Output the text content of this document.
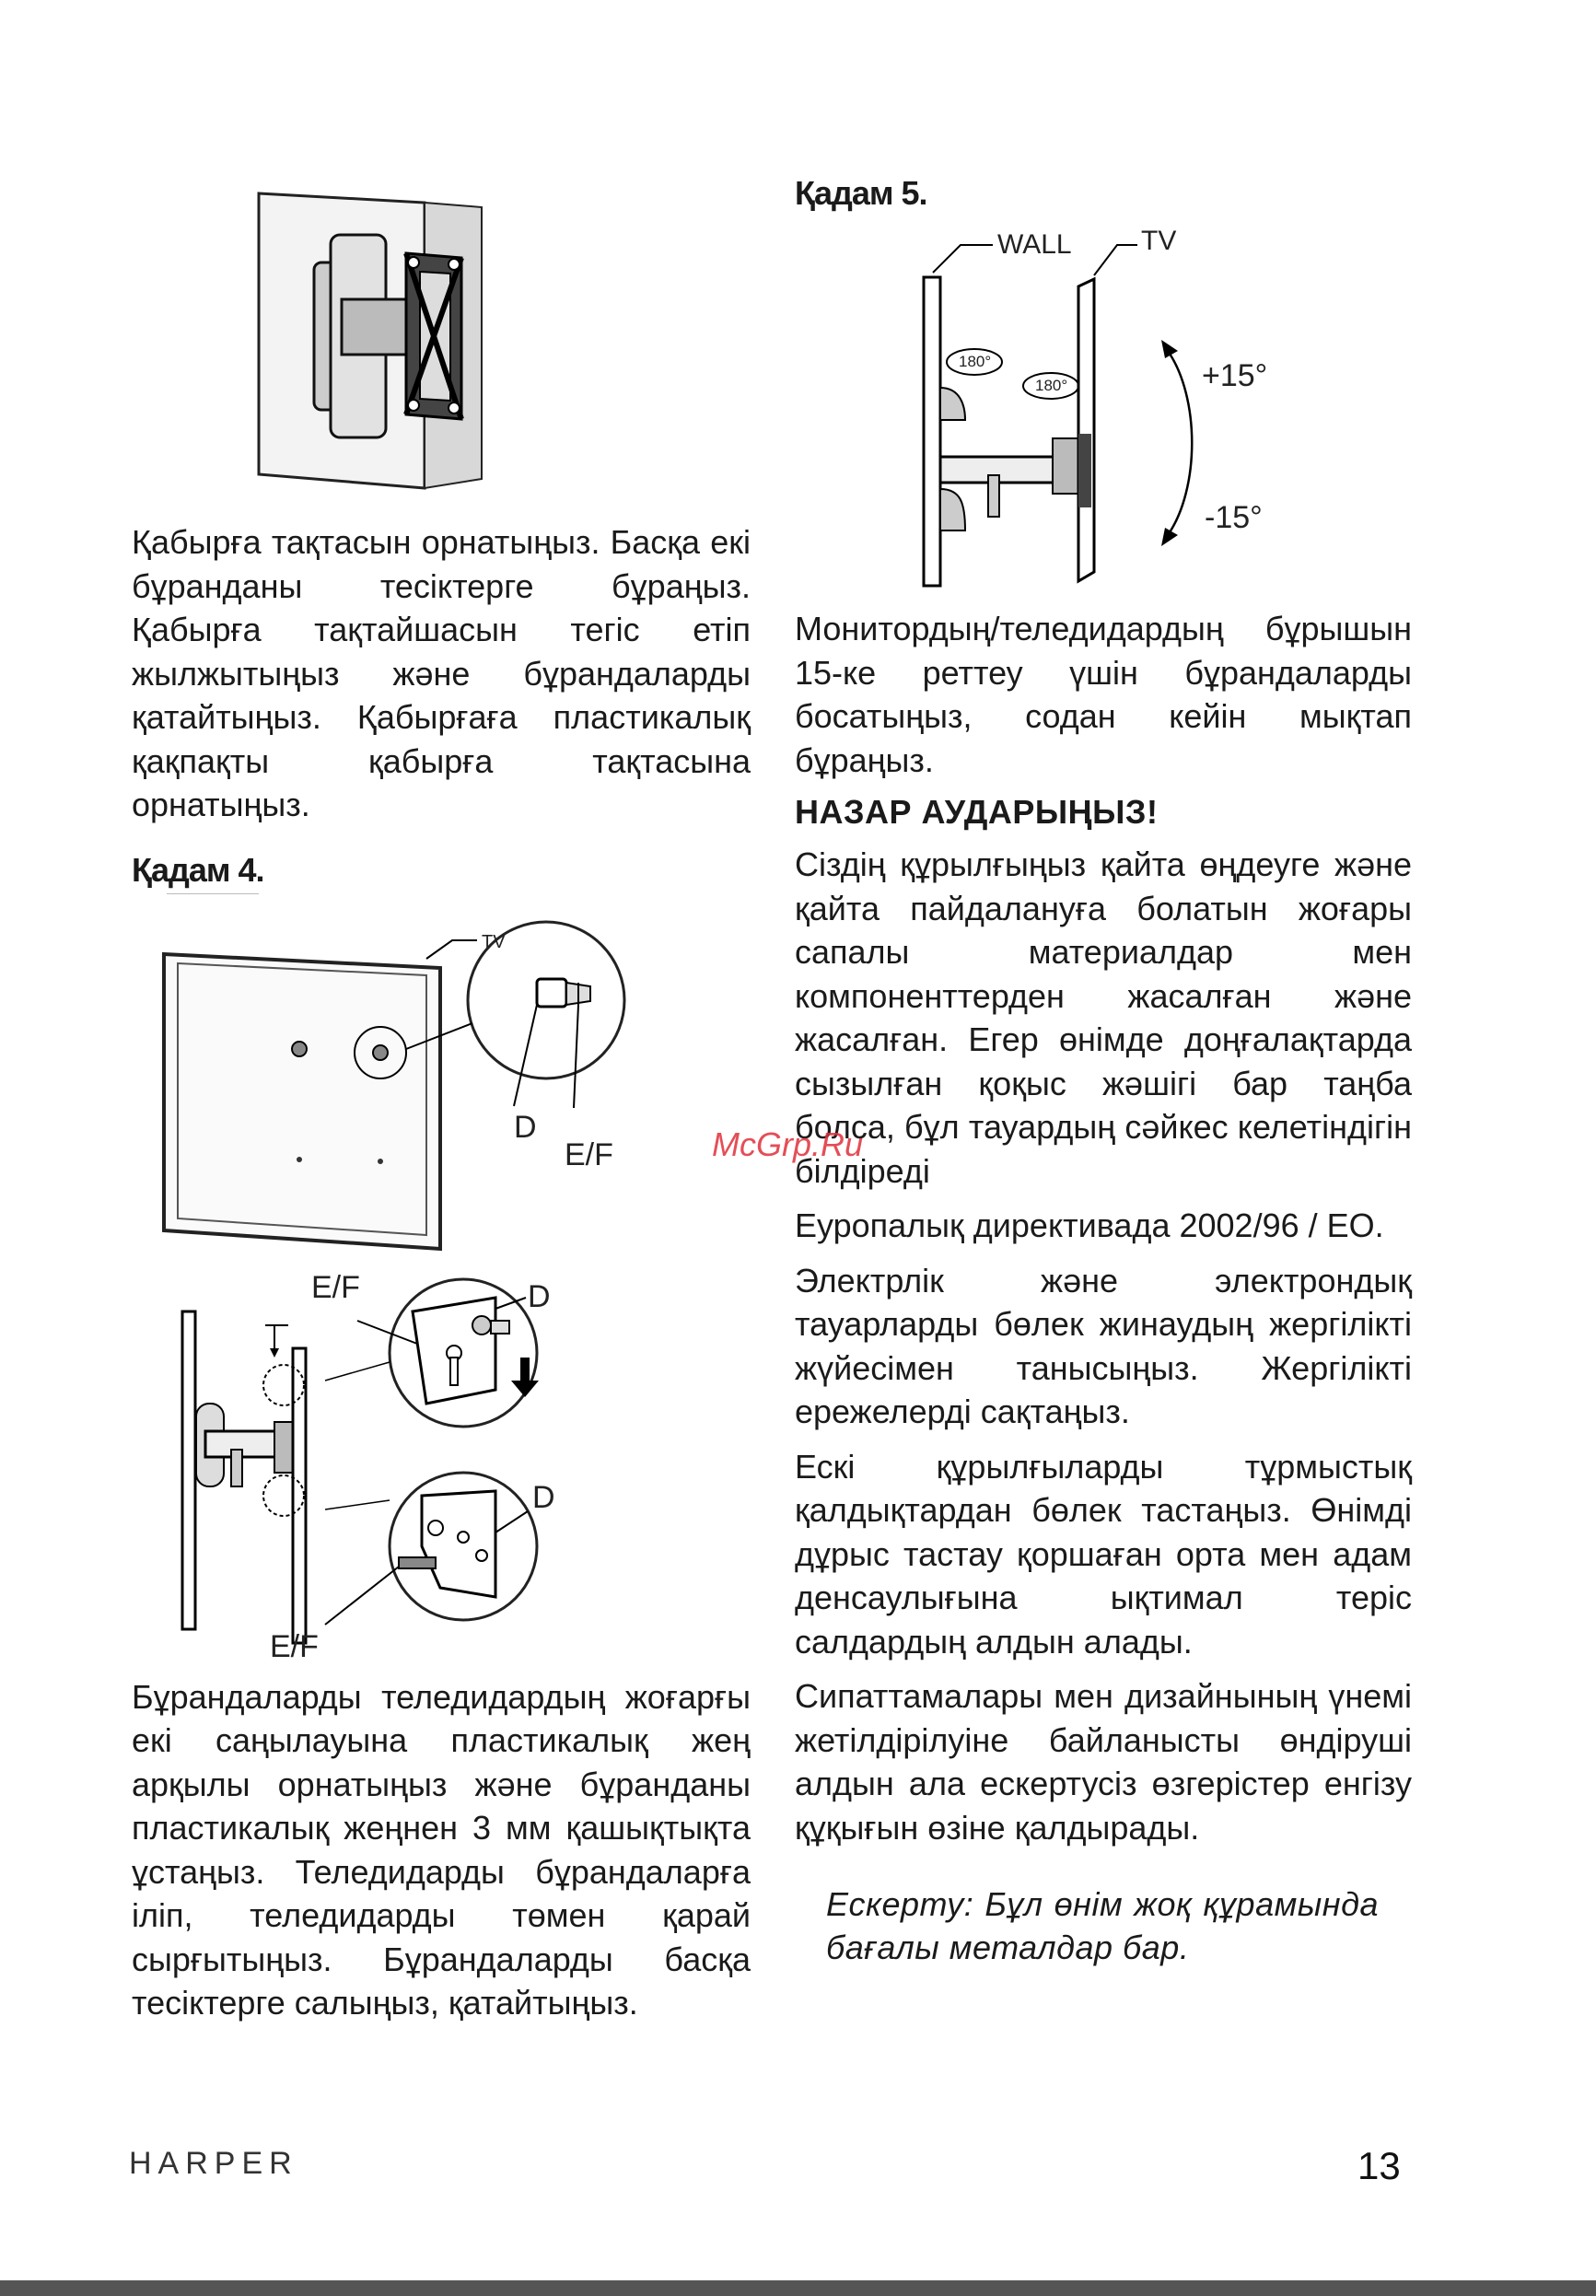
Қабырға тақтасын орнатыңыз. Басқа екі бұранданы тесіктерге бұраңыз. Қабырға тақтайшасын тегіс етіп жылжытыңыз және бұрандаларды қатайтыңыз. Қабырғаға пластикалық қақпақты қабырға тақтасына орнатыңыз.

Қадам 4.
TV
D
E/F
E/F	D
D
E/F

Бұрандаларды теледидардың жоғарғы екі саңылауына пластикалық жең арқылы орнатыңыз және бұранданы пластикалық жеңнен 3 мм қашықтықта ұстаңыз. Теледидарды бұрандаларға іліп, теледидарды төмен қарай сырғытыңыз. Бұрандаларды басқа тесіктерге салыңыз, қатайтыңыз.

Қадам 5.
WALL	TV
180°
180°	+15°
-15°

Монитордың/теледидардың бұрышын 15-ке реттеу үшін бұрандаларды босатыңыз, содан кейін мықтап бұраңыз.

НАЗАР АУДАРЫҢЫЗ!

Сіздің құрылғыңыз қайта өңдеуге және қайта пайдалануға болатын жоғары сапалы материалдар мен компоненттерден жасалған және жасалған. Егер өнімде доңғалақтарда сызылған қоқыс жәшігі бар таңба болса, бұл тауардың сәйкес келетіндігін білдіреді

Еуропалық директивада 2002/96 / ЕО.

Электрлік және электрондық тауарларды бөлек жинаудың жергілікті жүйесімен танысыңыз. Жергілікті ережелерді сақтаңыз.

Ескі құрылғыларды тұрмыстық қалдықтардан бөлек тастаңыз. Өнімді дұрыс тастау қоршаған орта мен адам денсаулығына ықтимал теріс салдардың алдын алады.

Сипаттамалары мен дизайнының үнемі жетілдірілуіне байланысты өндіруші алдын ала ескертусіз өзгерістер енгізу құқығын өзіне қалдырады.

Ескерту: Бұл өнім жоқ құрамында бағалы металдар бар.

McGrp.Ru
HARPER	13
